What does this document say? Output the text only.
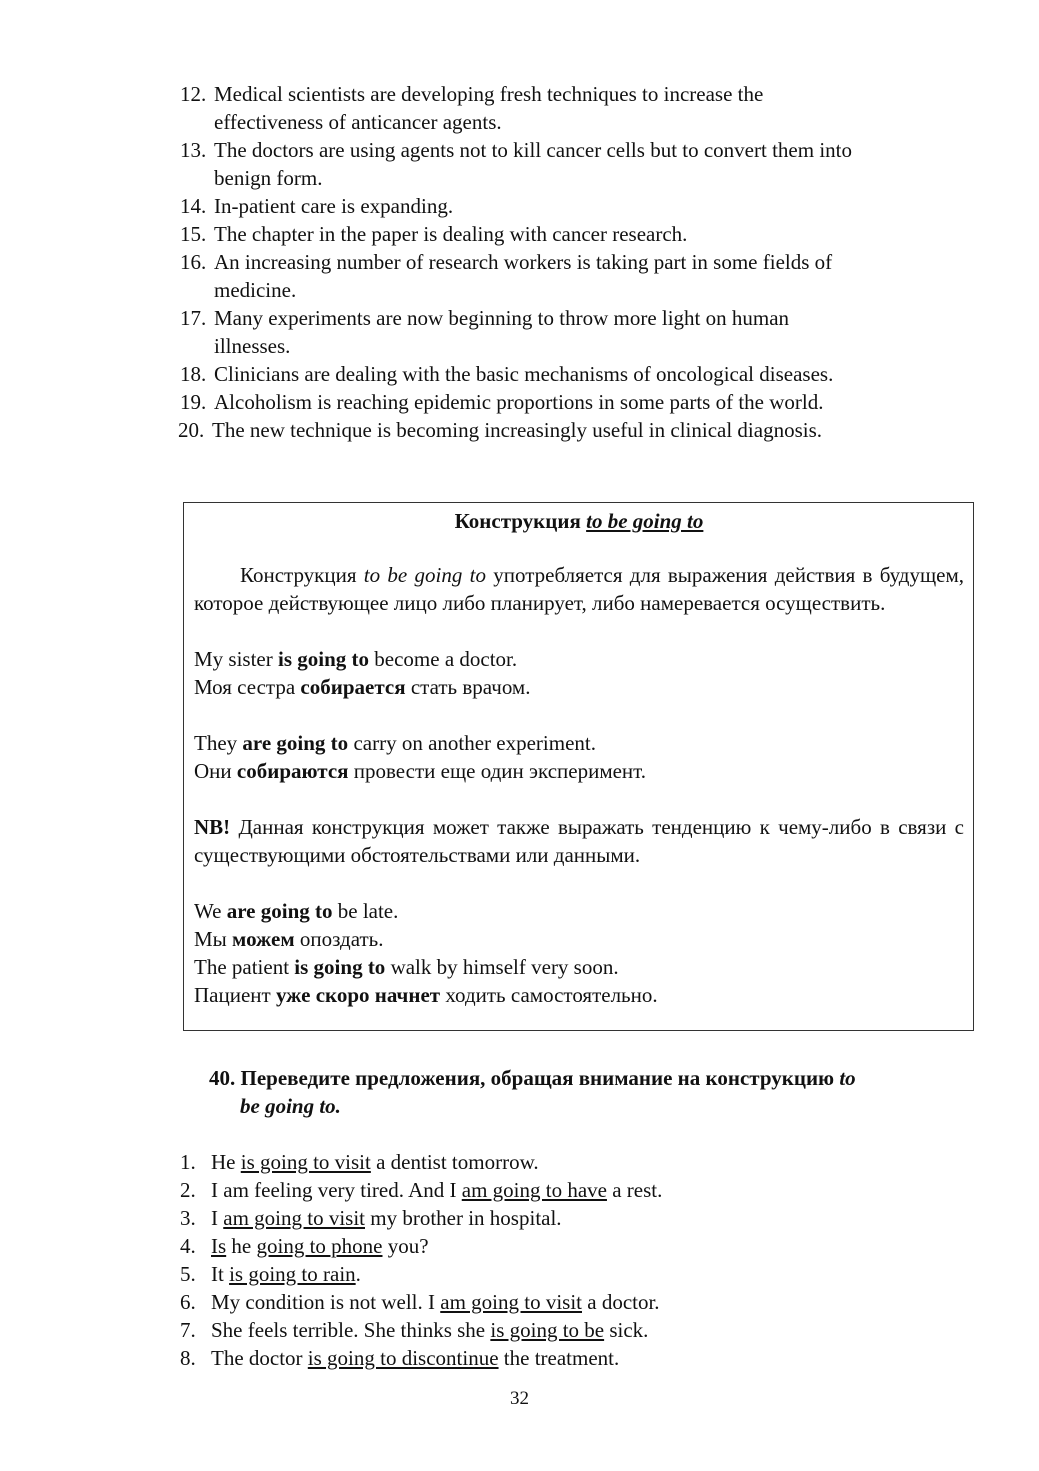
12. Medical scientists are developing fresh techniques to increase the
effectiveness of anticancer agents.
13. The doctors are using agents not to kill cancer cells but to convert them into
benign form.
14. In-patient care is expanding.
15. The chapter in the paper is dealing with cancer research.
16. An increasing number of research workers is taking part in some fields of
medicine.
17. Many experiments are now beginning to throw more light on human
illnesses.
18. Clinicians are dealing with the basic mechanisms of oncological diseases.
19. Alcoholism is reaching epidemic proportions in some parts of the world.
20. The new technique is becoming increasingly useful in clinical diagnosis.
Конструкция to be going to
Конструкция to be going to употребляется для выражения действия в будущем, которое действующее лицо либо планирует, либо намеревается осуществить.
My sister is going to become a doctor.
Моя сестра собирается стать врачом.
They are going to carry on another experiment.
Они собираются провести еще один эксперимент.
NB! Данная конструкция может также выражать тенденцию к чему-либо в связи с существующими обстоятельствами или данными.
We are going to be late.
Мы можем опоздать.
The patient is going to walk by himself very soon.
Пациент уже скоро начнет ходить самостоятельно.
40. Переведите предложения, обращая внимание на конструкцию to
be going to.
1. He is going to visit a dentist tomorrow.
2. I am feeling very tired. And I am going to have a rest.
3. I am going to visit my brother in hospital.
4. Is he going to phone you?
5. It is going to rain.
6. My condition is not well. I am going to visit a doctor.
7. She feels terrible. She thinks she is going to be sick.
8. The doctor is going to discontinue the treatment.
32
